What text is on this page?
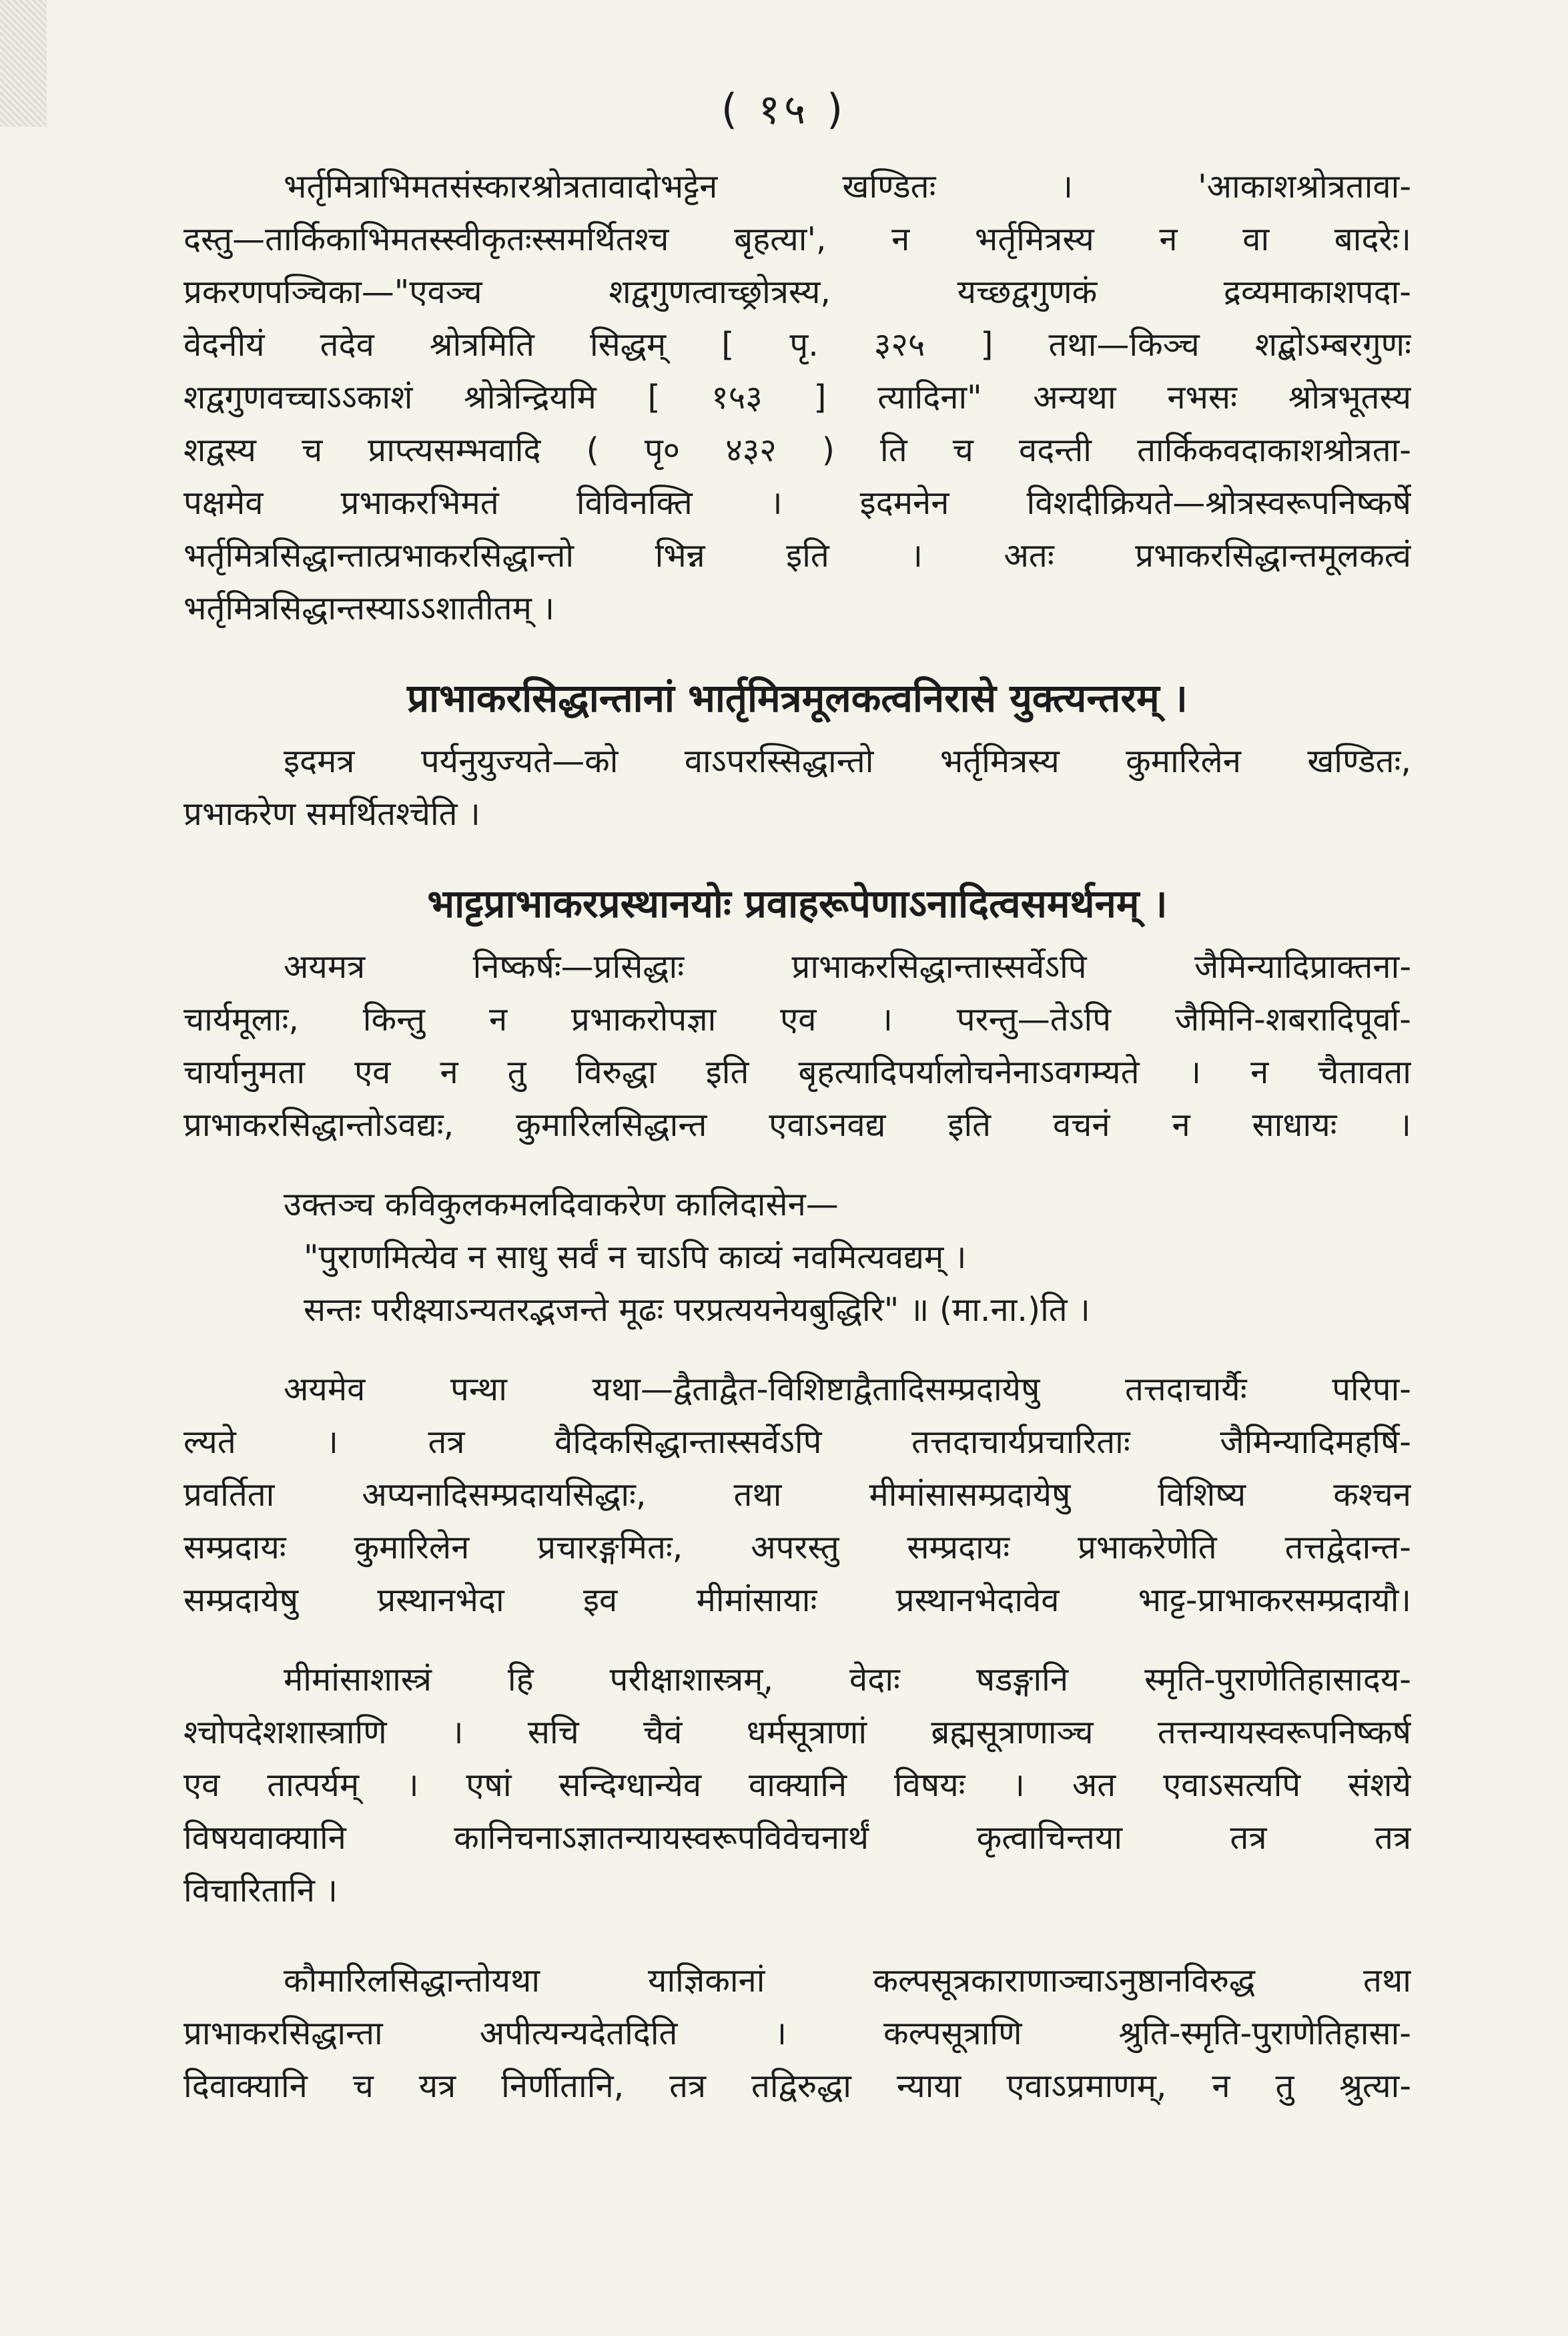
( १५ )
भर्तृमित्राभिमतसंस्कारश्रोत्रतावादोभट्टेन खण्डितः । 'आकाशश्रोत्रतावा-
दस्तु—तार्किकाभिमतस्स्वीकृतःस्समर्थितश्च बृहत्या', न भर्तृमित्रस्य न वा बादरेः।
प्रकरणपञ्चिका—"एवञ्च शद्वगुणत्वाच्छ्रोत्रस्य, यच्छद्वगुणकं द्रव्यमाकाशपदा-
वेदनीयं तदेव श्रोत्रमिति सिद्धम् [ पृ. ३२५ ] तथा—किञ्च शद्बोऽम्बरगुणः
शद्वगुणवच्चाऽऽकाशं श्रोत्रेन्द्रियमि [ १५३ ] त्यादिना" अन्यथा नभसः श्रोत्रभूतस्य
शद्वस्य च प्राप्त्यसम्भवादि ( पृ० ४३२ ) ति च वदन्ती तार्किकवदाकाशश्रोत्रता-
पक्षमेव प्रभाकरभिमतं विविनक्ति । इदमनेन विशदीक्रियते—श्रोत्रस्वरूपनिष्कर्षे
भर्तृमित्रसिद्धान्तात्प्रभाकरसिद्धान्तो भिन्न इति । अतः प्रभाकरसिद्धान्तमूलकत्वं
भर्तृमित्रसिद्धान्तस्याऽऽशातीतम् ।
प्राभाकरसिद्धान्तानां भार्तृमित्रमूलकत्वनिरासे युक्त्यन्तरम् ।
इदमत्र पर्यनुयुज्यते—को वाऽपरस्सिद्धान्तो भर्तृमित्रस्य कुमारिलेन खण्डितः,
प्रभाकरेण समर्थितश्चेति ।
भाट्टप्राभाकरप्रस्थानयोः प्रवाहरूपेणाऽनादित्वसमर्थनम् ।
अयमत्र निष्कर्षः—प्रसिद्धाः प्राभाकरसिद्धान्तास्सर्वेऽपि जैमिन्यादिप्राक्तना-
चार्यमूलाः, किन्तु न प्रभाकरोपज्ञा एव । परन्तु—तेऽपि जैमिनि-शबरादिपूर्वा-
चार्यानुमता एव न तु विरुद्धा इति बृहत्यादिपर्यालोचनेनाऽवगम्यते । न चैतावता
प्राभाकरसिद्धान्तोऽवद्यः, कुमारिलसिद्धान्त एवाऽनवद्य इति वचनं न साधायः ।
उक्तञ्च कविकुलकमलदिवाकरेण कालिदासेन—
"पुराणमित्येव न साधु सर्वं न चाऽपि काव्यं नवमित्यवद्यम् ।
सन्तः परीक्ष्याऽन्यतरद्भजन्ते मूढः परप्रत्ययनेयबुद्धिरि" ॥ (मा.ना.)ति ।
अयमेव पन्था यथा—द्वैताद्वैत-विशिष्टाद्वैतादिसम्प्रदायेषु तत्तदाचार्यैः परिपा-
ल्यते । तत्र वैदिकसिद्धान्तास्सर्वेऽपि तत्तदाचार्यप्रचारिताः जैमिन्यादिमहर्षि-
प्रवर्तिता अप्यनादिसम्प्रदायसिद्धाः, तथा मीमांसासम्प्रदायेषु विशिष्य कश्चन
सम्प्रदायः कुमारिलेन प्रचारङ्गमितः, अपरस्तु सम्प्रदायः प्रभाकरेणेति तत्तद्वेदान्त-
सम्प्रदायेषु प्रस्थानभेदा इव मीमांसायाः प्रस्थानभेदावेव भाट्ट-प्राभाकरसम्प्रदायौ।
मीमांसाशास्त्रं हि परीक्षाशास्त्रम्, वेदाः षडङ्गानि स्मृति-पुराणेतिहासादय-
श्चोपदेशशास्त्राणि । सचि चैवं धर्मसूत्राणां ब्रह्मसूत्राणाञ्च तत्तन्यायस्वरूपनिष्कर्ष
एव तात्पर्यम् । एषां सन्दिग्धान्येव वाक्यानि विषयः । अत एवाऽसत्यपि संशये
विषयवाक्यानि कानिचनाऽज्ञातन्यायस्वरूपविवेचनार्थं कृत्वाचिन्तया तत्र तत्र
विचारितानि ।
कौमारिलसिद्धान्तोयथा याज्ञिकानां कल्पसूत्रकाराणाञ्चाऽनुष्ठानविरुद्ध तथा
प्राभाकरसिद्धान्ता अपीत्यन्यदेतदिति । कल्पसूत्राणि श्रुति-स्मृति-पुराणेतिहासा-
दिवाक्यानि च यत्र निर्णीतानि, तत्र तद्विरुद्धा न्याया एवाऽप्रमाणम्, न तु श्रुत्या-
